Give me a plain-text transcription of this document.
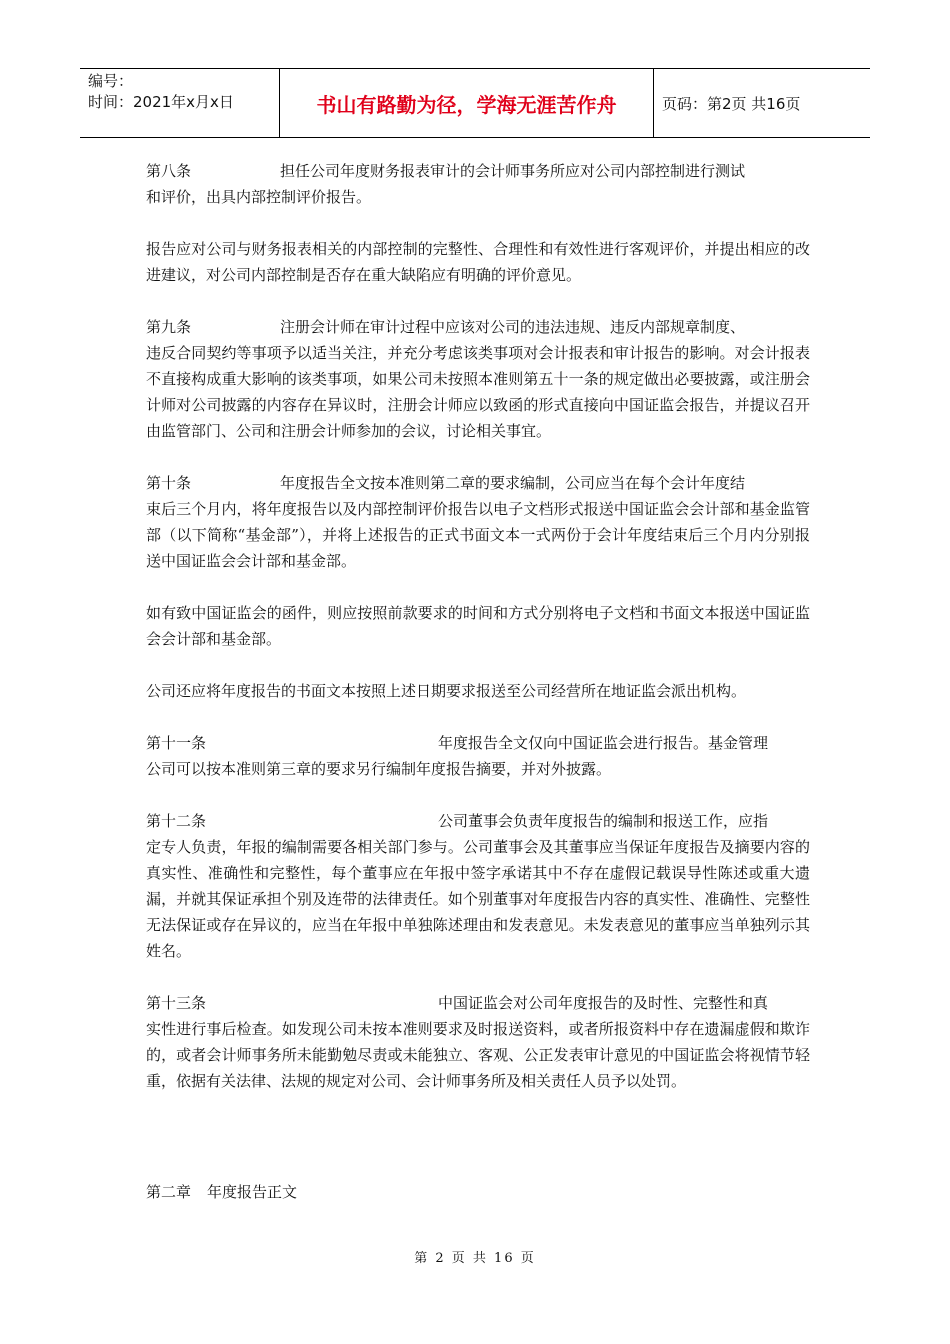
编号：
时间：2021年x月x日	书山有路勤为径，学海无涯苦作舟	页码：第2页 共16页
第八条	担任公司年度财务报表审计的会计师事务所应对公司内部控制进行测试
和评价，出具内部控制评价报告。
报告应对公司与财务报表相关的内部控制的完整性、合理性和有效性进行客观评价，并提出相应的改进建议，对公司内部控制是否存在重大缺陷应有明确的评价意见。
第九条	注册会计师在审计过程中应该对公司的违法违规、违反内部规章制度、
违反合同契约等事项予以适当关注，并充分考虑该类事项对会计报表和审计报告的影响。对会计报表不直接构成重大影响的该类事项，如果公司未按照本准则第五十一条的规定做出必要披露，或注册会计师对公司披露的内容存在异议时，注册会计师应以致函的形式直接向中国证监会报告，并提议召开由监管部门、公司和注册会计师参加的会议，讨论相关事宜。
第十条	年度报告全文按本准则第二章的要求编制，公司应当在每个会计年度结
束后三个月内，将年度报告以及内部控制评价报告以电子文档形式报送中国证监会会计部和基金监管部（以下简称“基金部”），并将上述报告的正式书面文本一式两份于会计年度结束后三个月内分别报送中国证监会会计部和基金部。
如有致中国证监会的函件，则应按照前款要求的时间和方式分别将电子文档和书面文本报送中国证监会会计部和基金部。
公司还应将年度报告的书面文本按照上述日期要求报送至公司经营所在地证监会派出机构。
第十一条	年度报告全文仅向中国证监会进行报告。基金管理
公司可以按本准则第三章的要求另行编制年度报告摘要，并对外披露。
第十二条	公司董事会负责年度报告的编制和报送工作，应指
定专人负责，年报的编制需要各相关部门参与。公司董事会及其董事应当保证年度报告及摘要内容的真实性、准确性和完整性，每个董事应在年报中签字承诺其中不存在虚假记载误导性陈述或重大遗漏，并就其保证承担个别及连带的法律责任。如个别董事对年度报告内容的真实性、准确性、完整性无法保证或存在异议的，应当在年报中单独陈述理由和发表意见。未发表意见的董事应当单独列示其姓名。
第十三条	中国证监会对公司年度报告的及时性、完整性和真
实性进行事后检查。如发现公司未按本准则要求及时报送资料，或者所报资料中存在遗漏虚假和欺诈的，或者会计师事务所未能勤勉尽责或未能独立、客观、公正发表审计意见的中国证监会将视情节轻重，依据有关法律、法规的规定对公司、会计师事务所及相关责任人员予以处罚。
第二章 年度报告正文
第 2 页 共 16 页
